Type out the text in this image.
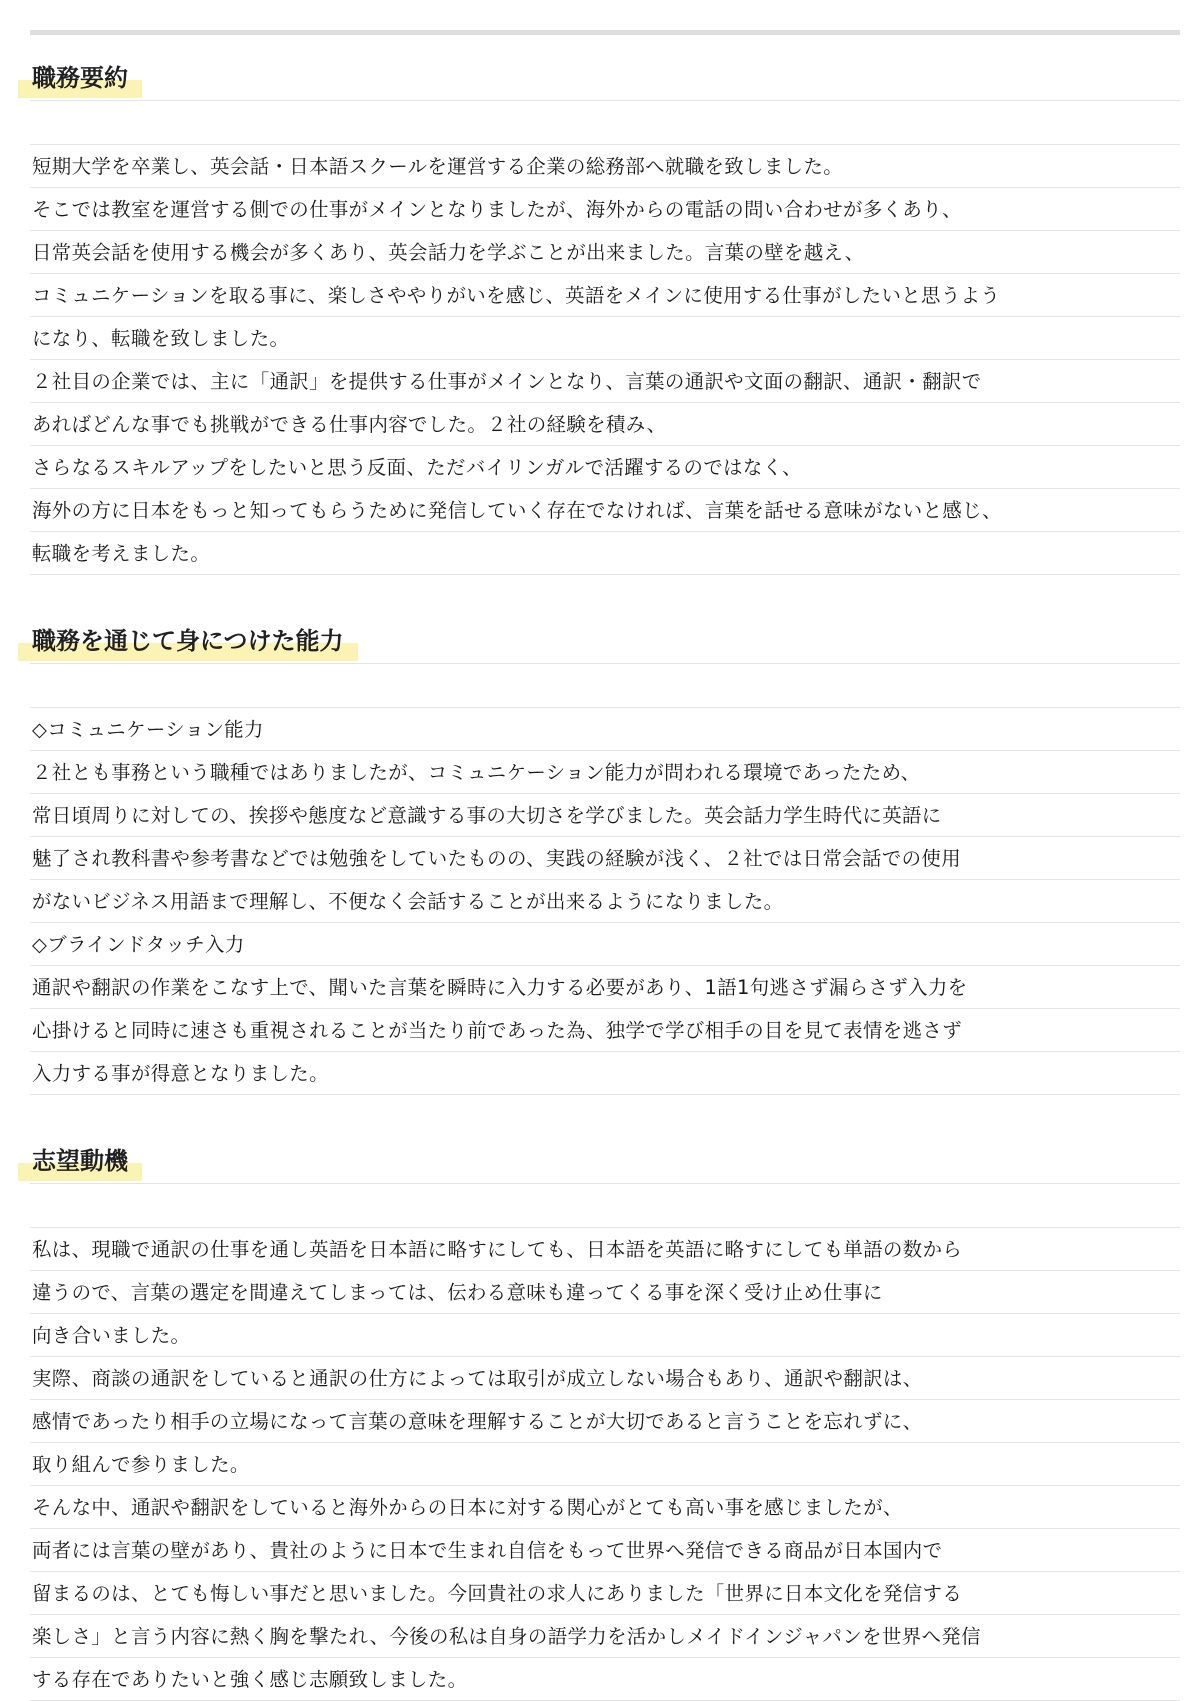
職務要約
短期大学を卒業し、英会話・日本語スクールを運営する企業の総務部へ就職を致しました。
そこでは教室を運営する側での仕事がメインとなりましたが、海外からの電話の問い合わせが多くあり、
日常英会話を使用する機会が多くあり、英会話力を学ぶことが出来ました。言葉の壁を越え、
コミュニケーションを取る事に、楽しさややりがいを感じ、英語をメインに使用する仕事がしたいと思うよう
になり、転職を致しました。
２社目の企業では、主に「通訳」を提供する仕事がメインとなり、言葉の通訳や文面の翻訳、通訳・翻訳で
あればどんな事でも挑戦ができる仕事内容でした。２社の経験を積み、
さらなるスキルアップをしたいと思う反面、ただバイリンガルで活躍するのではなく、
海外の方に日本をもっと知ってもらうために発信していく存在でなければ、言葉を話せる意味がないと感じ、
転職を考えました。
職務を通じて身につけた能力
◇コミュニケーション能力
２社とも事務という職種ではありましたが、コミュニケーション能力が問われる環境であったため、
常日頃周りに対しての、挨拶や態度など意識する事の大切さを学びました。英会話力学生時代に英語に
魅了され教科書や参考書などでは勉強をしていたものの、実践の経験が浅く、２社では日常会話での使用
がないビジネス用語まで理解し、不便なく会話することが出来るようになりました。
◇ブラインドタッチ入力
通訳や翻訳の作業をこなす上で、聞いた言葉を瞬時に入力する必要があり、1語1句逃さず漏らさず入力を
心掛けると同時に速さも重視されることが当たり前であった為、独学で学び相手の目を見て表情を逃さず
入力する事が得意となりました。
志望動機
私は、現職で通訳の仕事を通し英語を日本語に略すにしても、日本語を英語に略すにしても単語の数から
違うので、言葉の選定を間違えてしまっては、伝わる意味も違ってくる事を深く受け止め仕事に
向き合いました。
実際、商談の通訳をしていると通訳の仕方によっては取引が成立しない場合もあり、通訳や翻訳は、
感情であったり相手の立場になって言葉の意味を理解することが大切であると言うことを忘れずに、
取り組んで参りました。
そんな中、通訳や翻訳をしていると海外からの日本に対する関心がとても高い事を感じましたが、
両者には言葉の壁があり、貴社のように日本で生まれ自信をもって世界へ発信できる商品が日本国内で
留まるのは、とても悔しい事だと思いました。今回貴社の求人にありました「世界に日本文化を発信する
楽しさ」と言う内容に熱く胸を撃たれ、今後の私は自身の語学力を活かしメイドインジャパンを世界へ発信
する存在でありたいと強く感じ志願致しました。
